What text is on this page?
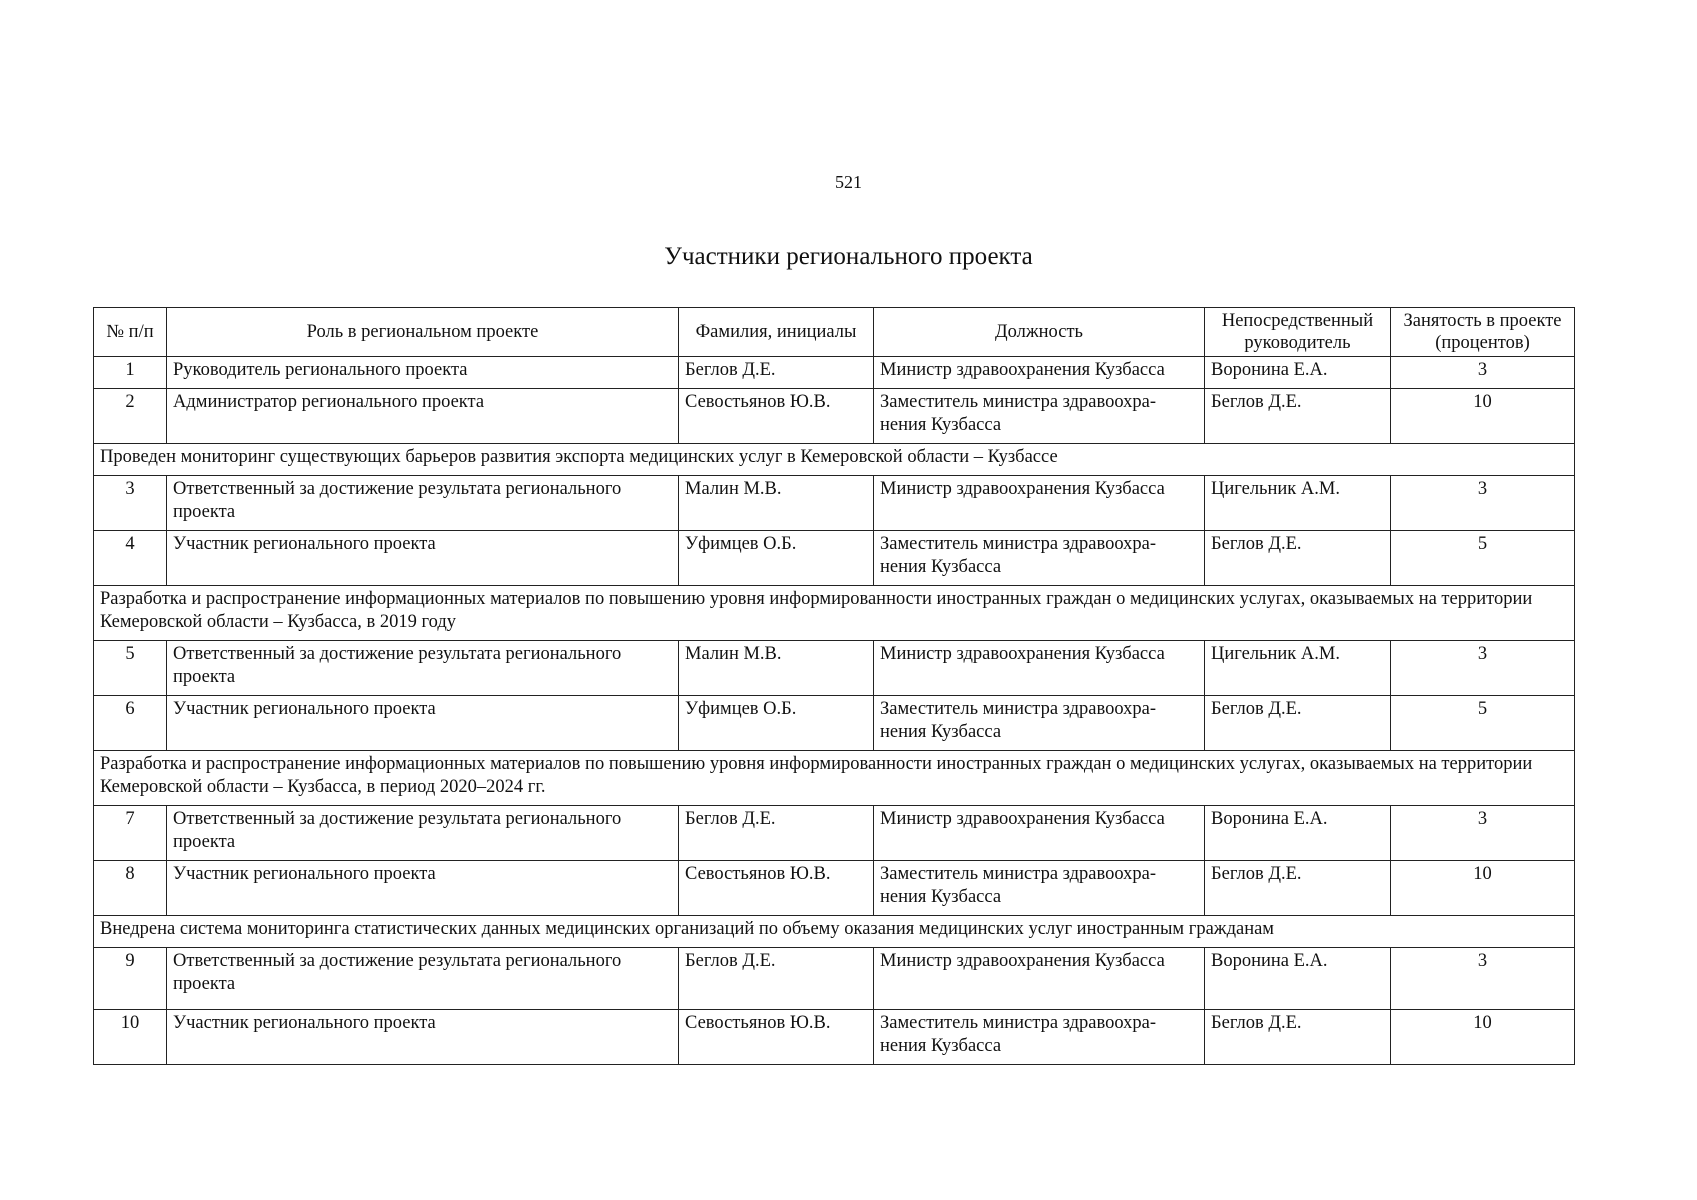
521
Участники регионального проекта
№ п/п	Роль в региональном проекте	Фамилия, инициалы	Должность	Непосредственный руководитель	Занятость в проекте (процентов)
1	Руководитель регионального проекта	Беглов Д.Е.	Министр здравоохранения Кузбасса	Воронина Е.А.	3
2	Администратор регионального проекта	Севостьянов Ю.В.	Заместитель министра здравоохра-нения Кузбасса	Беглов Д.Е.	10
Проведен мониторинг существующих барьеров развития экспорта медицинских услуг в Кемеровской области – Кузбассе					
3	Ответственный за достижение результата регионального проекта	Малин М.В.	Министр здравоохранения Кузбасса	Цигельник А.М.	3
4	Участник регионального проекта	Уфимцев О.Б.	Заместитель министра здравоохра-нения Кузбасса	Беглов Д.Е.	5
Разработка и распространение информационных материалов по повышению уровня информированности иностранных граждан о медицинских услугах, оказываемых на территории Кемеровской области – Кузбасса, в 2019 году					
5	Ответственный за достижение результата регионального проекта	Малин М.В.	Министр здравоохранения Кузбасса	Цигельник А.М.	3
6	Участник регионального проекта	Уфимцев О.Б.	Заместитель министра здравоохра-нения Кузбасса	Беглов Д.Е.	5
Разработка и распространение информационных материалов по повышению уровня информированности иностранных граждан о медицинских услугах, оказываемых на территории Кемеровской области – Кузбасса, в период 2020–2024 гг.					
7	Ответственный за достижение результата регионального проекта	Беглов Д.Е.	Министр здравоохранения Кузбасса	Воронина Е.А.	3
8	Участник регионального проекта	Севостьянов Ю.В.	Заместитель министра здравоохра-нения Кузбасса	Беглов Д.Е.	10
Внедрена система мониторинга статистических данных медицинских организаций по объему оказания медицинских услуг иностранным гражданам					
9	Ответственный за достижение результата регионального проекта	Беглов Д.Е.	Министр здравоохранения Кузбасса	Воронина Е.А.	3
10	Участник регионального проекта	Севостьянов Ю.В.	Заместитель министра здравоохра-нения Кузбасса	Беглов Д.Е.	10
